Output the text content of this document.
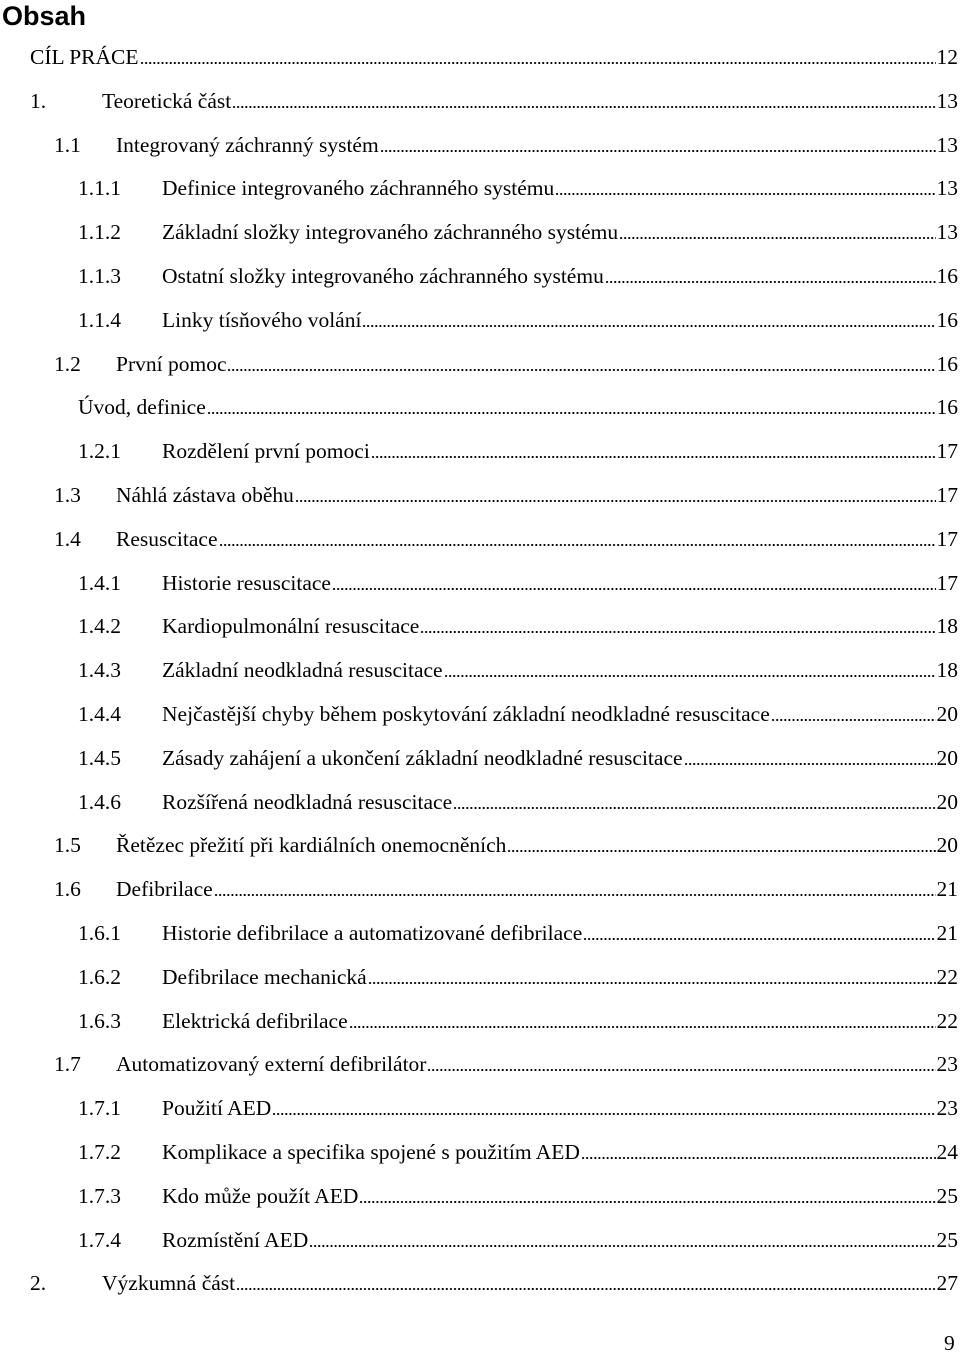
Obsah
CÍL PRÁCE	12
1.	Teoretická část	13
1.1	Integrovaný záchranný systém	13
1.1.1	Definice integrovaného záchranného systému	13
1.1.2	Základní složky integrovaného záchranného systému	13
1.1.3	Ostatní složky integrovaného záchranného systému	16
1.1.4	Linky tísňového volání	16
1.2	První pomoc	16
Úvod, definice	16
1.2.1	Rozdělení první pomoci	17
1.3	Náhlá zástava oběhu	17
1.4	Resuscitace	17
1.4.1	Historie resuscitace	17
1.4.2	Kardiopulmonální resuscitace	18
1.4.3	Základní neodkladná resuscitace	18
1.4.4	Nejčastější chyby během poskytování základní neodkladné resuscitace	20
1.4.5	Zásady zahájení a ukončení základní neodkladné resuscitace	20
1.4.6	Rozšířená neodkladná resuscitace	20
1.5	Řetězec přežití při kardiálních onemocněních	20
1.6	Defibrilace	21
1.6.1	Historie defibrilace a automatizované defibrilace	21
1.6.2	Defibrilace mechanická	22
1.6.3	Elektrická defibrilace	22
1.7	Automatizovaný externí defibrilátor	23
1.7.1	Použití AED	23
1.7.2	Komplikace a specifika spojené s použitím AED	24
1.7.3	Kdo může použít AED	25
1.7.4	Rozmístění AED	25
2.	Výzkumná část	27
9
